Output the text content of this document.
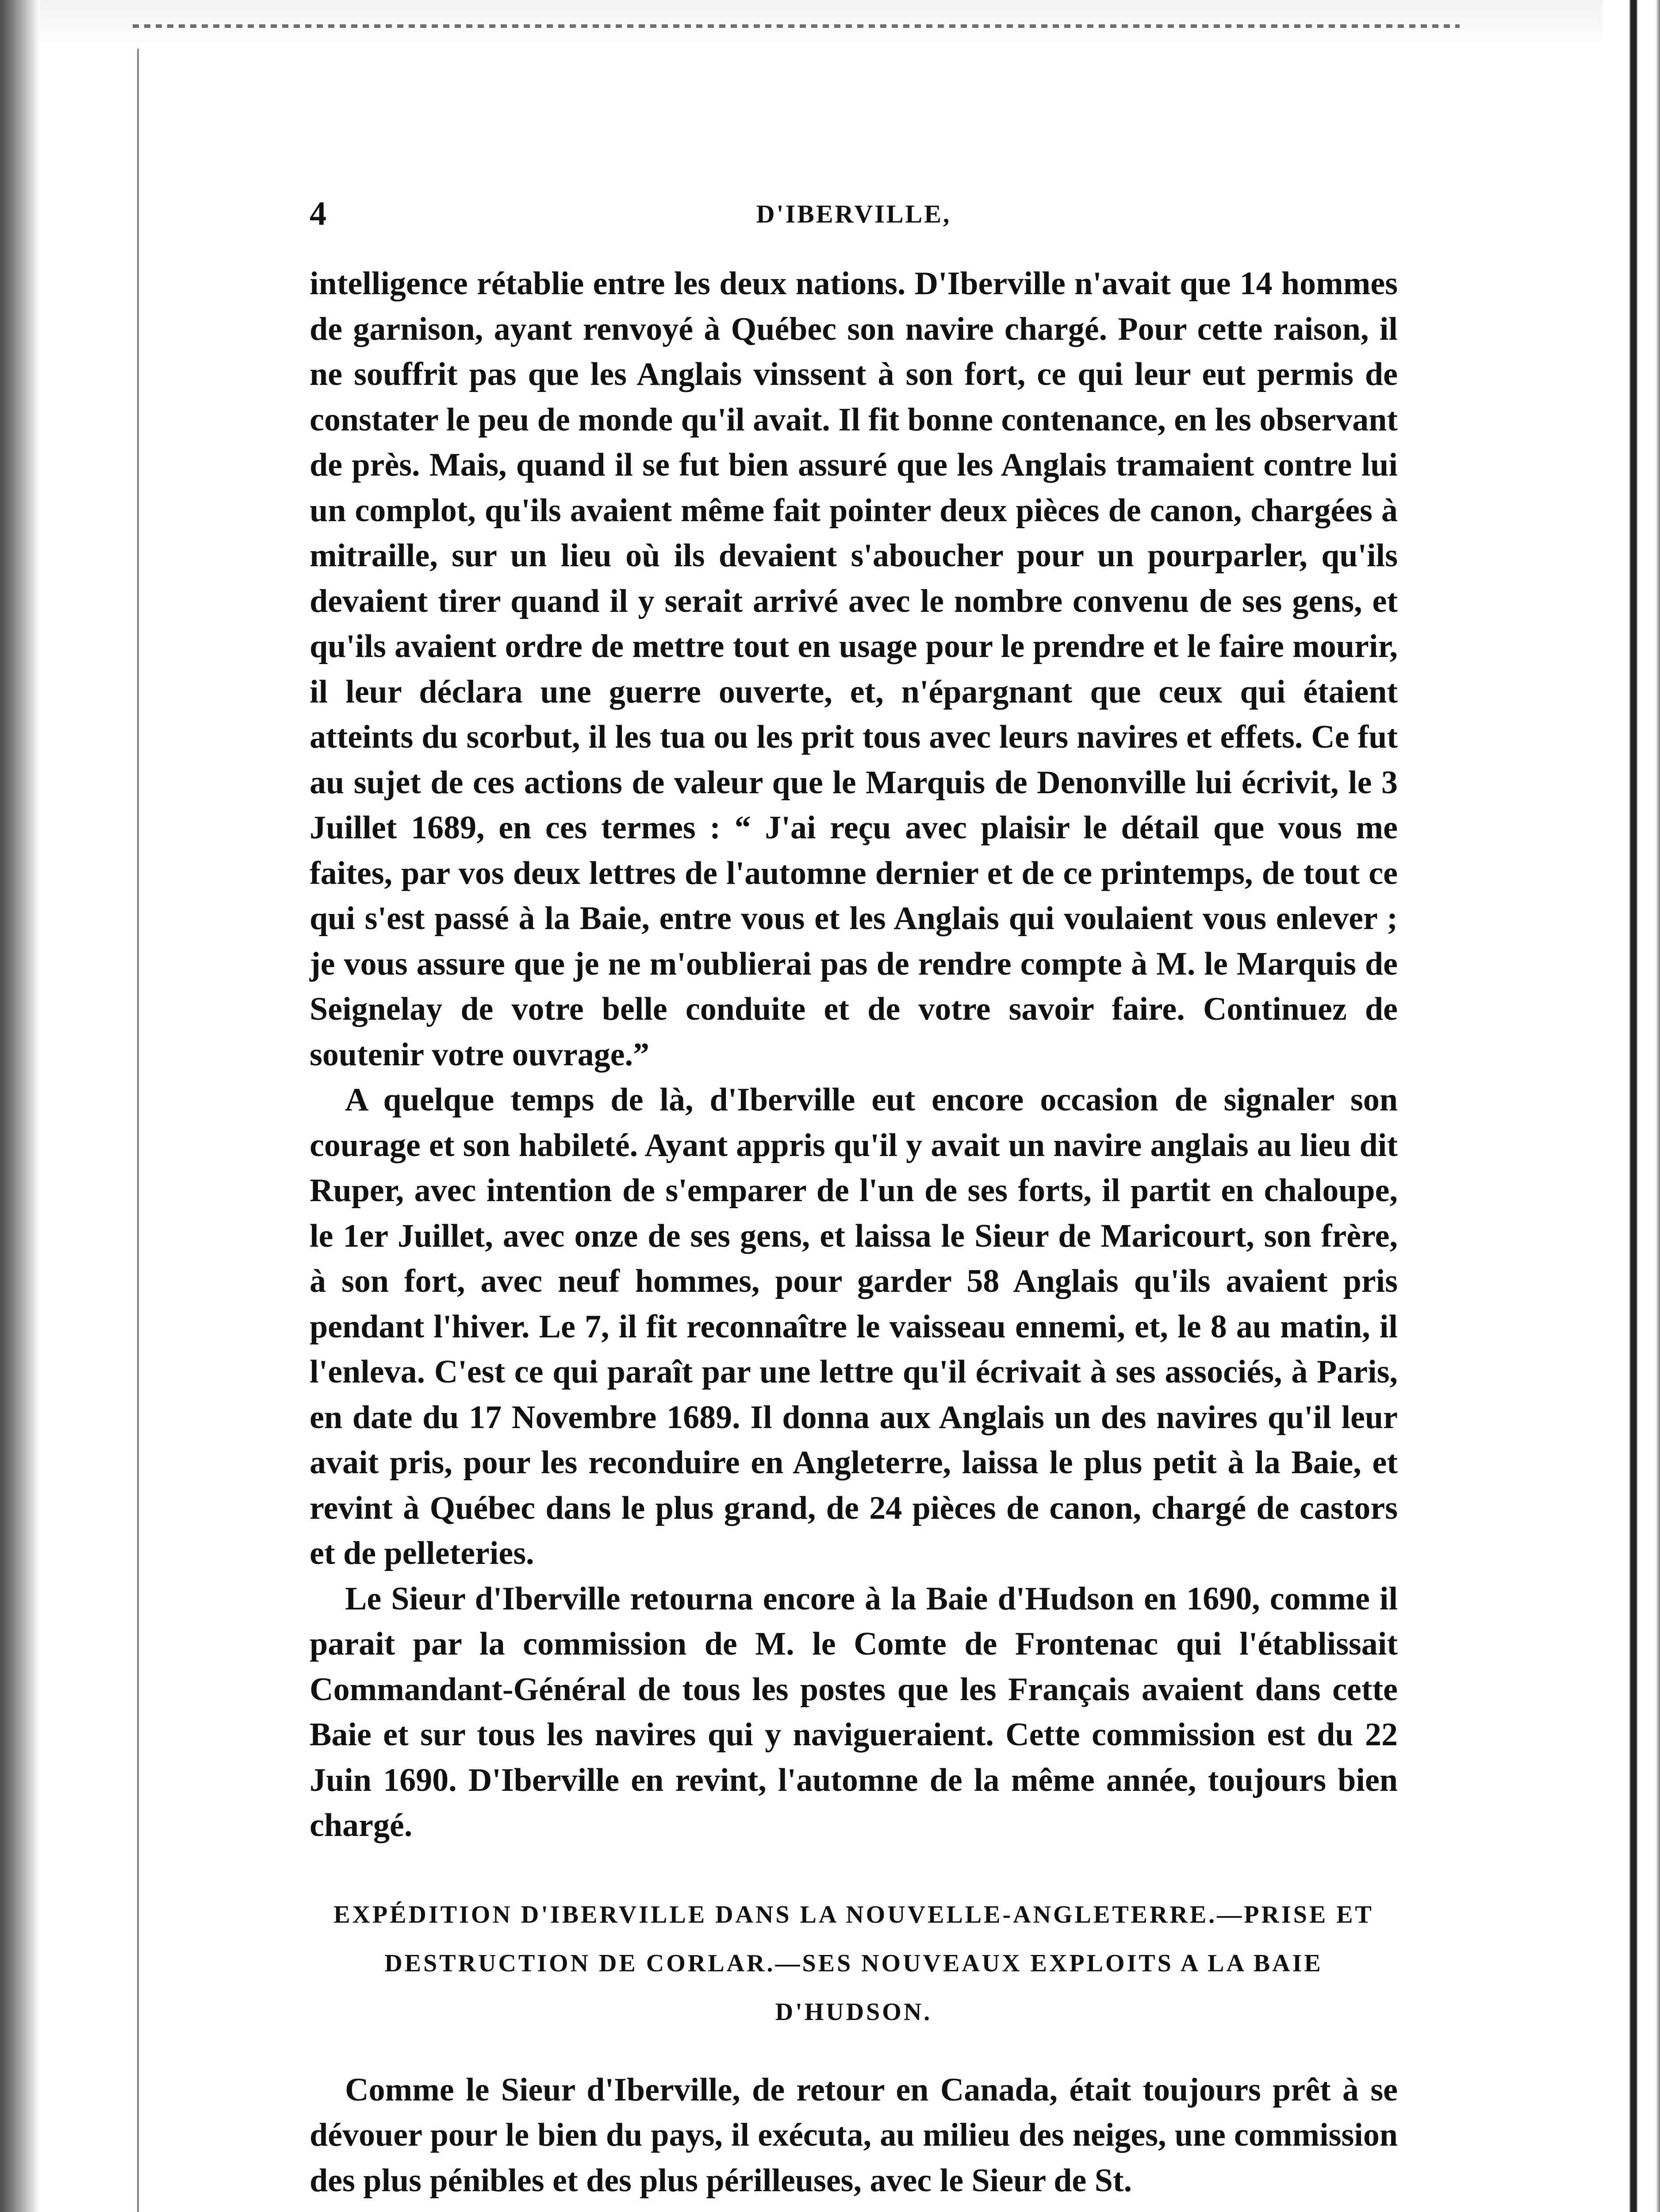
4	D'IBERVILLE,

intelligence rétablie entre les deux nations. D'Iberville n'avait que 14 hommes de garnison, ayant renvoyé à Québec son navire chargé. Pour cette raison, il ne souffrit pas que les Anglais vinssent à son fort, ce qui leur eut permis de constater le peu de monde qu'il avait. Il fit bonne contenance, en les observant de près. Mais, quand il se fut bien assuré que les Anglais tramaient contre lui un complot, qu'ils avaient même fait pointer deux pièces de canon, chargées à mitraille, sur un lieu où ils devaient s'aboucher pour un pourparler, qu'ils devaient tirer quand il y serait arrivé avec le nombre convenu de ses gens, et qu'ils avaient ordre de mettre tout en usage pour le prendre et le faire mourir, il leur déclara une guerre ouverte, et, n'épargnant que ceux qui étaient atteints du scorbut, il les tua ou les prit tous avec leurs navires et effets. Ce fut au sujet de ces actions de valeur que le Marquis de Denonville lui écrivit, le 3 Juillet 1689, en ces termes : “ J'ai reçu avec plaisir le détail que vous me faites, par vos deux lettres de l'automne dernier et de ce printemps, de tout ce qui s'est passé à la Baie, entre vous et les Anglais qui voulaient vous enlever ; je vous assure que je ne m'oublierai pas de rendre compte à M. le Marquis de Seignelay de votre belle conduite et de votre savoir faire. Continuez de soutenir votre ouvrage.”

A quelque temps de là, d'Iberville eut encore occasion de signaler son courage et son habileté. Ayant appris qu'il y avait un navire anglais au lieu dit Ruper, avec intention de s'emparer de l'un de ses forts, il partit en chaloupe, le 1er Juillet, avec onze de ses gens, et laissa le Sieur de Maricourt, son frère, à son fort, avec neuf hommes, pour garder 58 Anglais qu'ils avaient pris pendant l'hiver. Le 7, il fit reconnaître le vaisseau ennemi, et, le 8 au matin, il l'enleva. C'est ce qui paraît par une lettre qu'il écrivait à ses associés, à Paris, en date du 17 Novembre 1689. Il donna aux Anglais un des navires qu'il leur avait pris, pour les reconduire en Angleterre, laissa le plus petit à la Baie, et revint à Québec dans le plus grand, de 24 pièces de canon, chargé de castors et de pelleteries.

Le Sieur d'Iberville retourna encore à la Baie d'Hudson en 1690, comme il parait par la commission de M. le Comte de Frontenac qui l'établissait Commandant-Général de tous les postes que les Français avaient dans cette Baie et sur tous les navires qui y navigueraient. Cette commission est du 22 Juin 1690. D'Iberville en revint, l'automne de la même année, toujours bien chargé.

EXPÉDITION D'IBERVILLE DANS LA NOUVELLE-ANGLETERRE.—PRISE ET DESTRUCTION DE CORLAR.—SES NOUVEAUX EXPLOITS A LA BAIE D'HUDSON.

Comme le Sieur d'Iberville, de retour en Canada, était toujours prêt à se dévouer pour le bien du pays, il exécuta, au milieu des neiges, une commission des plus pénibles et des plus périlleuses, avec le Sieur de St.
